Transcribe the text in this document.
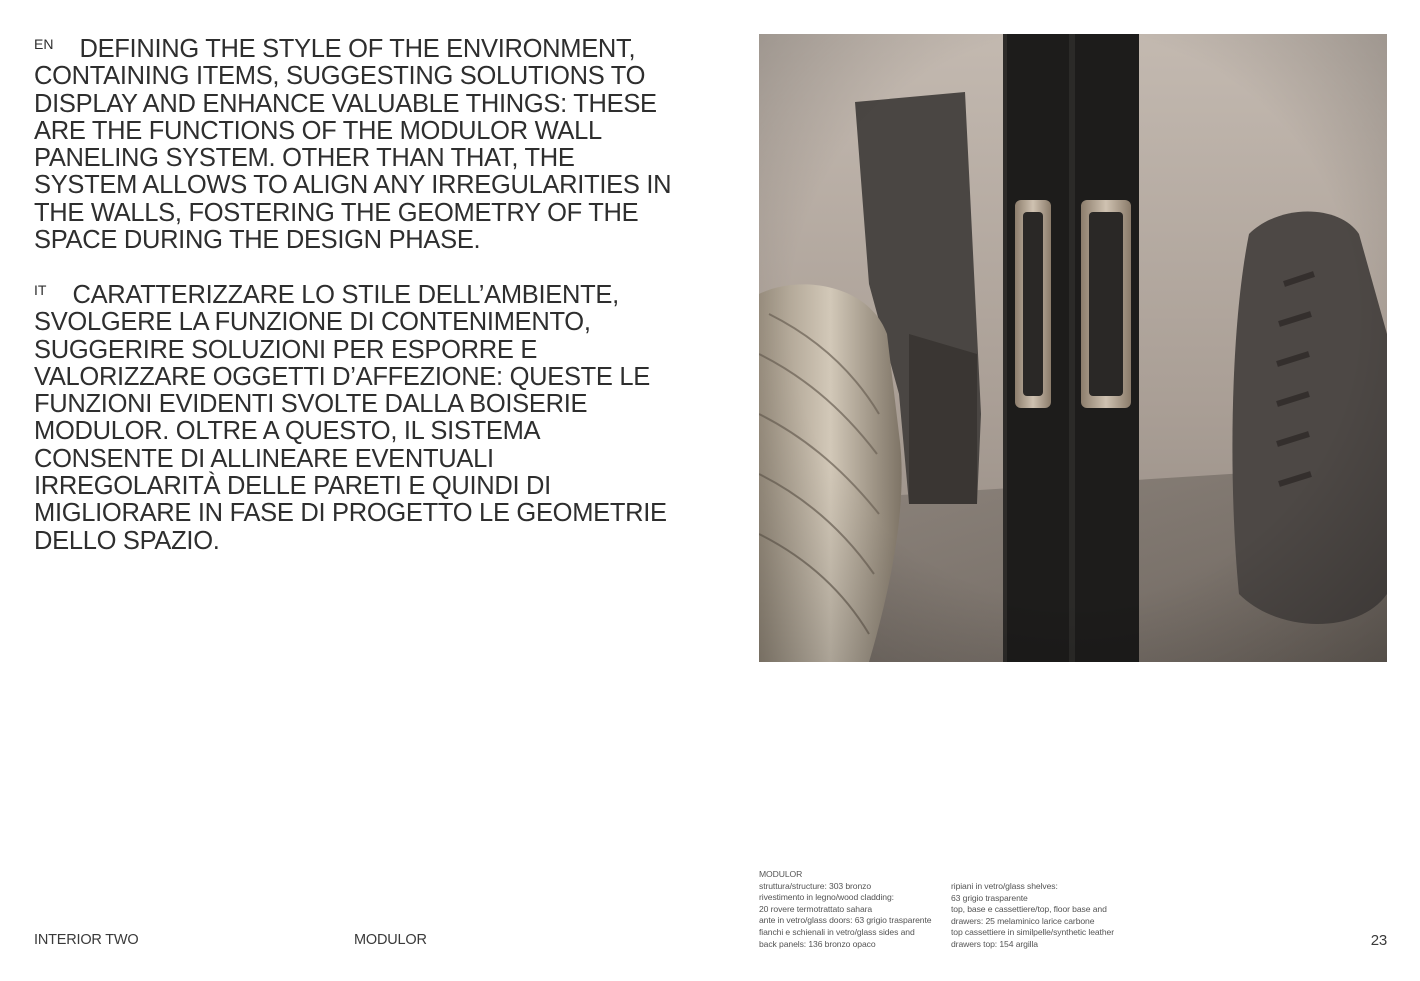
$^{EN}$ DEFINING THE STYLE OF THE ENVIRONMENT, CONTAINING ITEMS, SUGGESTING SOLUTIONS TO DISPLAY AND ENHANCE VALUABLE THINGS: THESE ARE THE FUNCTIONS OF THE MODULOR WALL PANELING SYSTEM. OTHER THAN THAT, THE SYSTEM ALLOWS TO ALIGN ANY IRREGULARITIES IN THE WALLS, FOSTERING THE GEOMETRY OF THE SPACE DURING THE DESIGN PHASE.

$^{IT}$ CARATTERIZZARE LO STILE DELL’AMBIENTE, SVOLGERE LA FUNZIONE DI CONTENIMENTO, SUGGERIRE SOLUZIONI PER ESPORRE E VALORIZZARE OGGETTI D’AFFEZIONE: QUESTE LE FUNZIONI EVIDENTI SVOLTE DALLA BOISERIE MODULOR. OLTRE A QUESTO, IL SISTEMA CONSENTE DI ALLINEARE EVENTUALI IRREGOLARITÀ DELLE PARETI E QUINDI DI MIGLIORARE IN FASE DI PROGETTO LE GEOMETRIE DELLO SPAZIO.

MODULOR
struttura/structure: 303 bronzo
rivestimento in legno/wood cladding:
20 rovere termotrattato sahara
ante in vetro/glass doors: 63 grigio trasparente
fianchi e schienali in vetro/glass sides and
back panels: 136 bronzo opaco
ripiani in vetro/glass shelves:
63 grigio trasparente
top, base e cassettiere/top, floor base and
drawers: 25 melaminico larice carbone
top cassettiere in similpelle/synthetic leather
drawers top: 154 argilla
INTERIOR TWO	MODULOR	23
